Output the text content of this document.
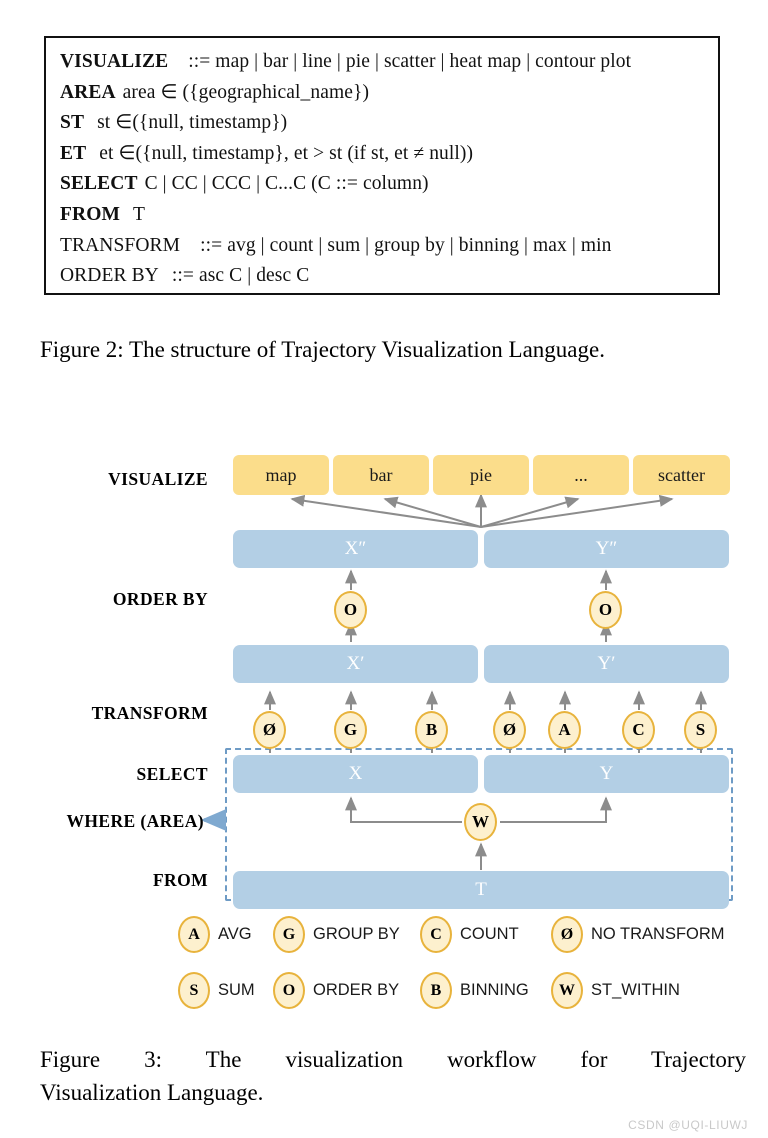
VISUALIZE ::= map | bar | line | pie | scatter | heat map | contour plot
AREA area ∈ ({geographical_name})
ST st ∈({null, timestamp})
ET et ∈({null, timestamp}, et > st (if st, et ≠ null))
SELECT C | CC | CCC | C...C (C ::= column)
FROM T
TRANSFORM ::= avg | count | sum | group by | binning | max | min
ORDER BY ::= asc C | desc C
Figure 2: The structure of Trajectory Visualization Language.
VISUALIZE
ORDER BY
TRANSFORM
SELECT
WHERE (AREA)
FROM
map	bar	pie	...	scatter
X″	Y″
O	O
X′	Y′
Ø	G	B	Ø	A	C	S
X	Y
W
T
A	AVG	G	GROUP BY	C	COUNT	Ø	NO TRANSFORM
S	SUM	O	ORDER BY	B	BINNING	W ST_WITHIN
Figure 3: The visualization workflow for Trajectory
Visualization Language.
CSDN @UQI-LIUWJ
